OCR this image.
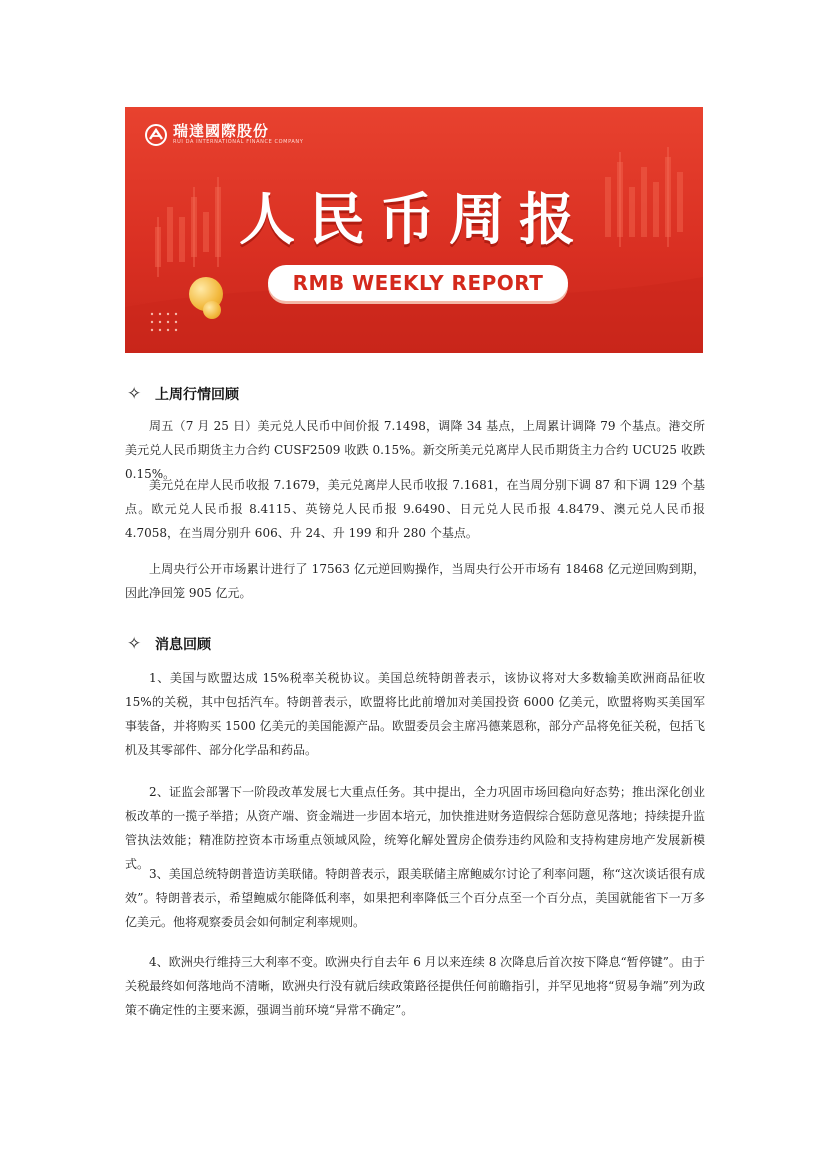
瑞達國際股份
RUI DA INTERNATIONAL FINANCE COMPANY
人民币周报
RMB WEEKLY REPORT
✧ 上周行情回顾

周五（7 月 25 日）美元兑人民币中间价报 7.1498，调降 34 基点，上周累计调降 79 个基点。港交所美元兑人民币期货主力合约 CUSF2509 收跌 0.15%。新交所美元兑离岸人民币期货主力合约 UCU25 收跌 0.15%。

美元兑在岸人民币收报 7.1679，美元兑离岸人民币收报 7.1681，在当周分别下调 87 和下调 129 个基点。欧元兑人民币报 8.4115、英镑兑人民币报 9.6490、日元兑人民币报 4.8479、澳元兑人民币报 4.7058，在当周分别升 606、升 24、升 199 和升 280 个基点。

上周央行公开市场累计进行了 17563 亿元逆回购操作，当周央行公开市场有 18468 亿元逆回购到期，因此净回笼 905 亿元。

✧ 消息回顾

1、美国与欧盟达成 15%税率关税协议。美国总统特朗普表示，该协议将对大多数输美欧洲商品征收 15%的关税，其中包括汽车。特朗普表示，欧盟将比此前增加对美国投资 6000 亿美元，欧盟将购买美国军事装备，并将购买 1500 亿美元的美国能源产品。欧盟委员会主席冯德莱恩称，部分产品将免征关税，包括飞机及其零部件、部分化学品和药品。

2、证监会部署下一阶段改革发展七大重点任务。其中提出，全力巩固市场回稳向好态势；推出深化创业板改革的一揽子举措；从资产端、资金端进一步固本培元，加快推进财务造假综合惩防意见落地；持续提升监管执法效能；精准防控资本市场重点领域风险，统筹化解处置房企债券违约风险和支持构建房地产发展新模式。

3、美国总统特朗普造访美联储。特朗普表示，跟美联储主席鲍威尔讨论了利率问题，称“这次谈话很有成效”。特朗普表示，希望鲍威尔能降低利率，如果把利率降低三个百分点至一个百分点，美国就能省下一万多亿美元。他将观察委员会如何制定利率规则。

4、欧洲央行维持三大利率不变。欧洲央行自去年 6 月以来连续 8 次降息后首次按下降息“暂停键”。由于关税最终如何落地尚不清晰，欧洲央行没有就后续政策路径提供任何前瞻指引，并罕见地将“贸易争端”列为政策不确定性的主要来源，强调当前环境“异常不确定”。
